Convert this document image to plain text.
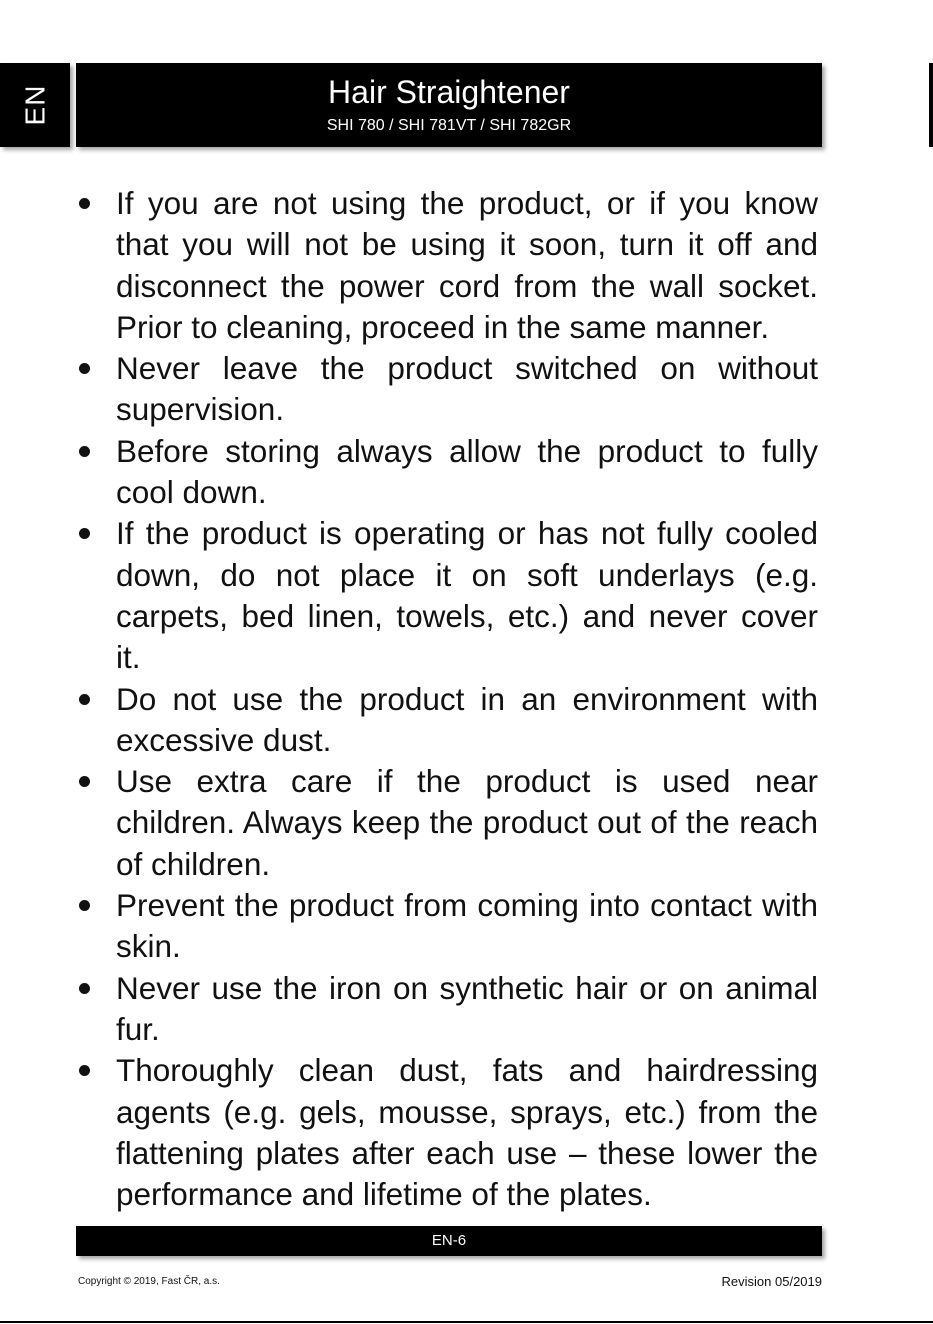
EN	Hair Straightener
SHI 780 / SHI 781VT / SHI 782GR
If you are not using the product, or if you know that you will not be using it soon, turn it off and disconnect the power cord from the wall socket. Prior to cleaning, proceed in the same manner.
Never leave the product switched on without supervision.
Before storing always allow the product to fully cool down.
If the product is operating or has not fully cooled down, do not place it on soft underlays (e.g. carpets, bed linen, towels, etc.) and never cover it.
Do not use the product in an environment with excessive dust.
Use extra care if the product is used near children. Always keep the product out of the reach of children.
Prevent the product from coming into contact with skin.
Never use the iron on synthetic hair or on animal fur.
Thoroughly clean dust, fats and hairdressing agents (e.g. gels, mousse, sprays, etc.) from the flattening plates after each use – these lower the performance and lifetime of the plates.
EN-6
Copyright © 2019, Fast ČR, a.s.	Revision 05/2019
